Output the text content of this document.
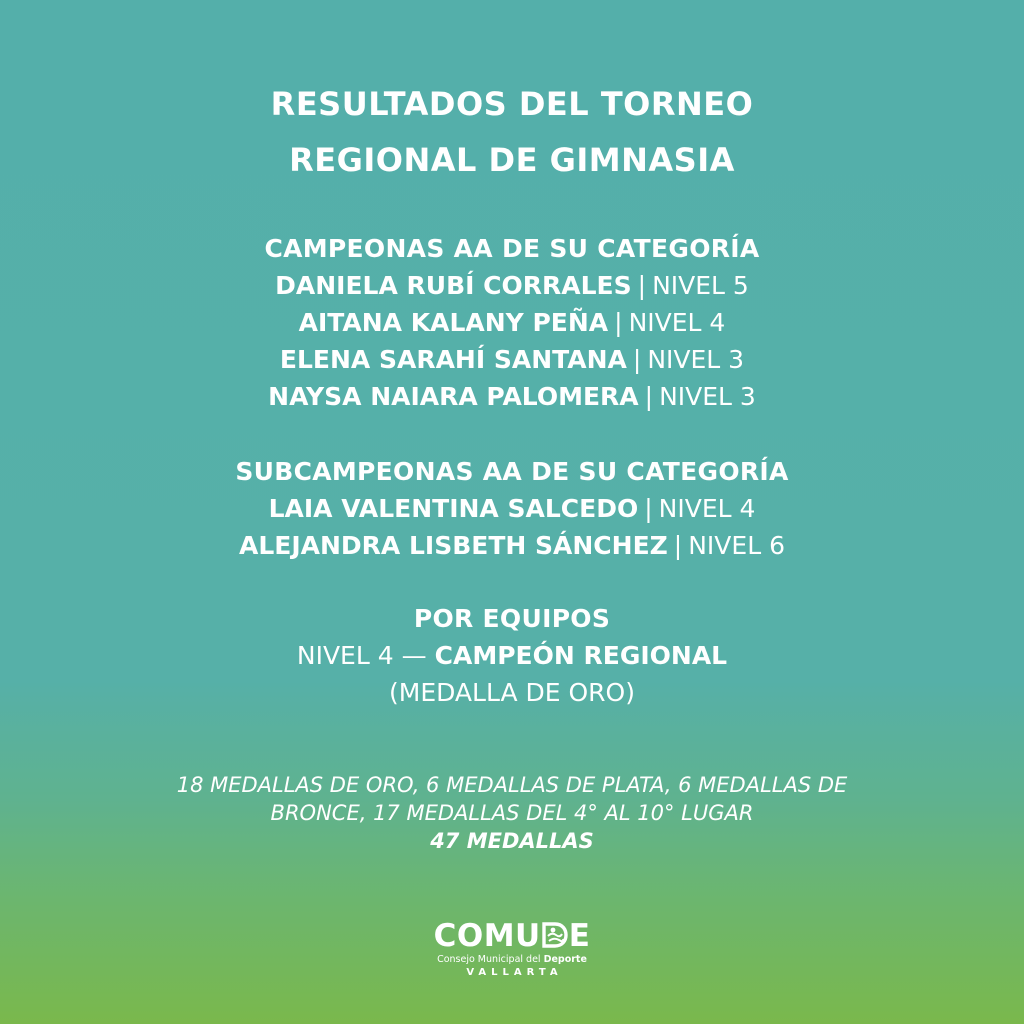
RESULTADOS DEL TORNEO
REGIONAL DE GIMNASIA
CAMPEONAS AA DE SU CATEGORÍA
DANIELA RUBÍ CORRALES | NIVEL 5
AITANA KALANY PEÑA | NIVEL 4
ELENA SARAHÍ SANTANA | NIVEL 3
NAYSA NAIARA PALOMERA | NIVEL 3
SUBCAMPEONAS AA DE SU CATEGORÍA
LAIA VALENTINA SALCEDO | NIVEL 4
ALEJANDRA LISBETH SÁNCHEZ | NIVEL 6
POR EQUIPOS
NIVEL 4 — CAMPEÓN REGIONAL
(MEDALLA DE ORO)
18 MEDALLAS DE ORO, 6 MEDALLAS DE PLATA, 6 MEDALLAS DE
BRONCE, 17 MEDALLAS DEL 4° AL 10° LUGAR
47 MEDALLAS
COMU E
Consejo Municipal del Deporte
VALLARTA
